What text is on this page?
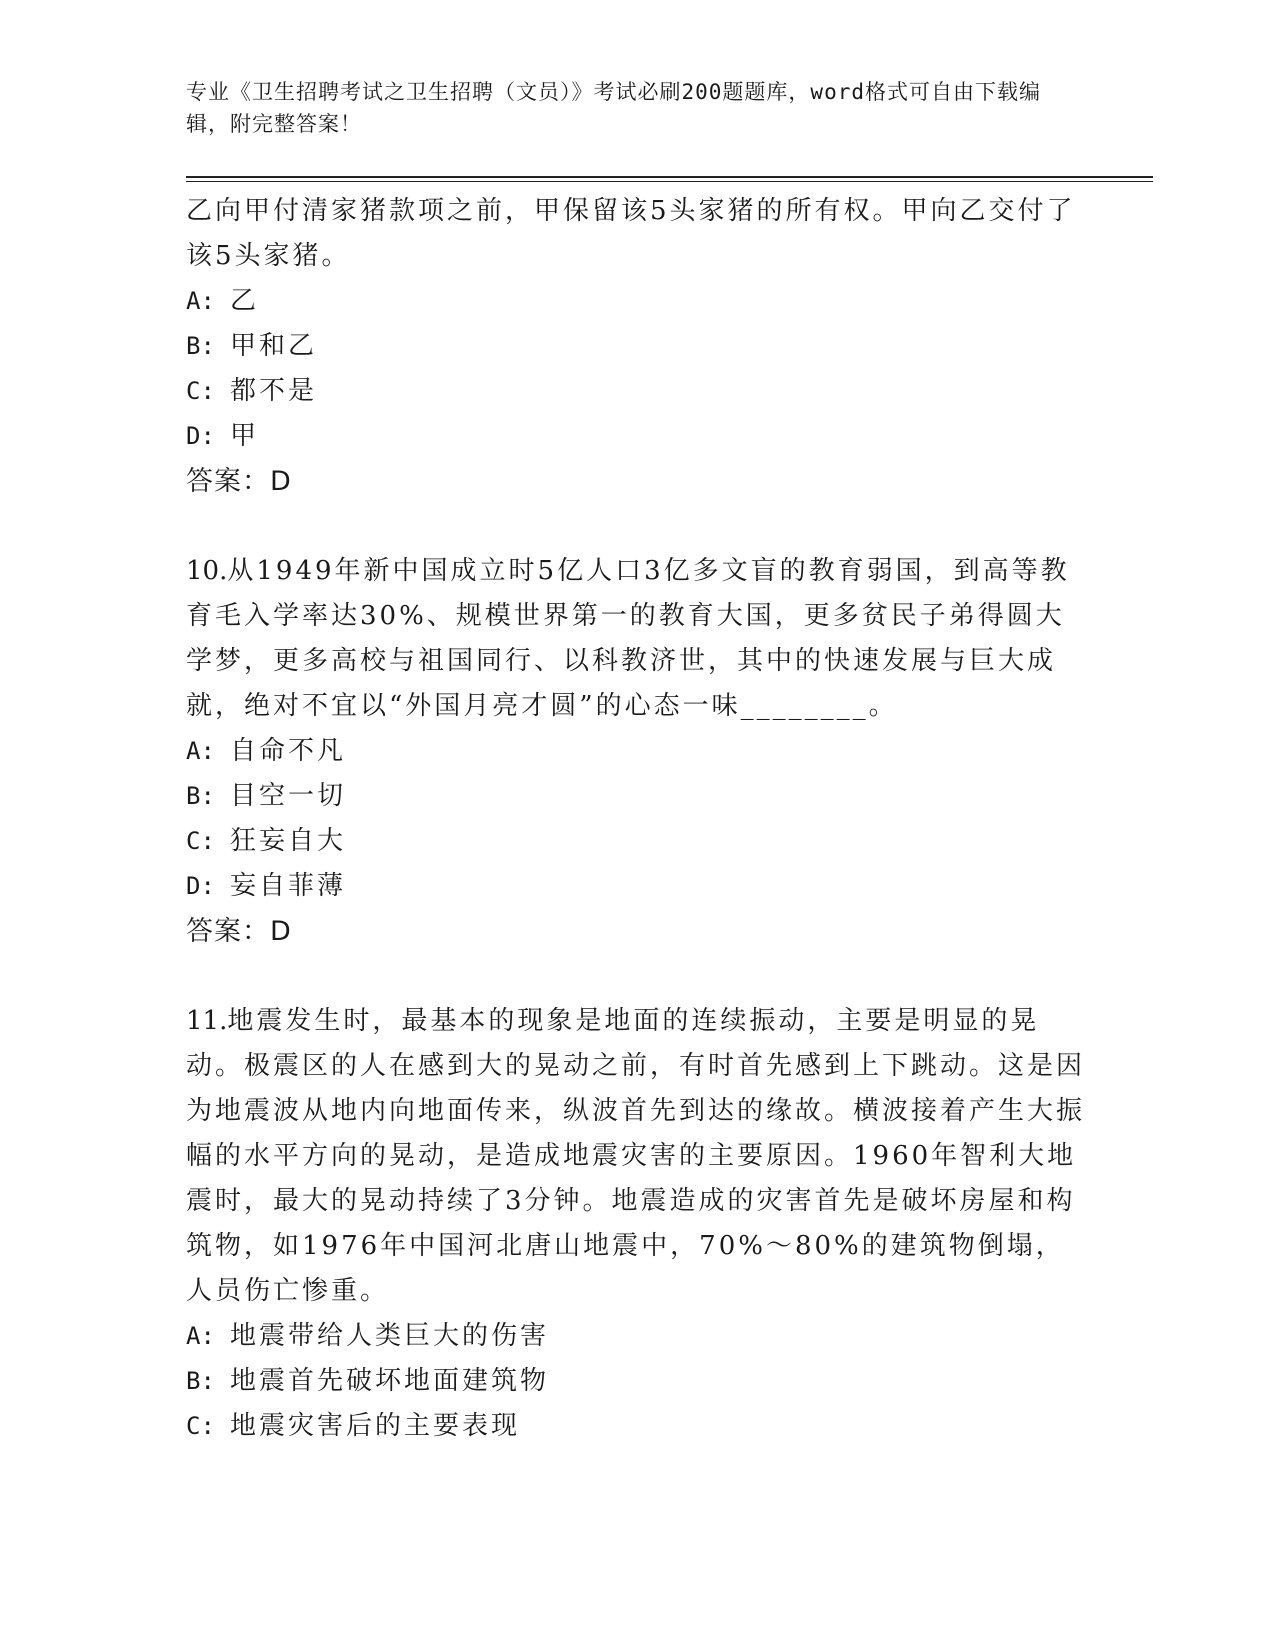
专业《卫生招聘考试之卫生招聘（文员）》考试必刷200题题库，word格式可自由下载编辑，附完整答案！

乙向甲付清家猪款项之前，甲保留该5头家猪的所有权。甲向乙交付了该5头家猪。

A: 乙

B: 甲和乙

C: 都不是

D: 甲

答案：D

10.从1949年新中国成立时5亿人口3亿多文盲的教育弱国，到高等教育毛入学率达30%、规模世界第一的教育大国，更多贫民子弟得圆大学梦，更多高校与祖国同行、以科教济世，其中的快速发展与巨大成就，绝对不宜以“外国月亮才圆”的心态一味________。

A: 自命不凡

B: 目空一切

C: 狂妄自大

D: 妄自菲薄

答案：D

11.地震发生时，最基本的现象是地面的连续振动，主要是明显的晃动。极震区的人在感到大的晃动之前，有时首先感到上下跳动。这是因为地震波从地内向地面传来，纵波首先到达的缘故。横波接着产生大振幅的水平方向的晃动，是造成地震灾害的主要原因。1960年智利大地震时，最大的晃动持续了3分钟。地震造成的灾害首先是破坏房屋和构筑物，如1976年中国河北唐山地震中，70%～80%的建筑物倒塌，人员伤亡惨重。

A: 地震带给人类巨大的伤害

B: 地震首先破坏地面建筑物

C: 地震灾害后的主要表现
